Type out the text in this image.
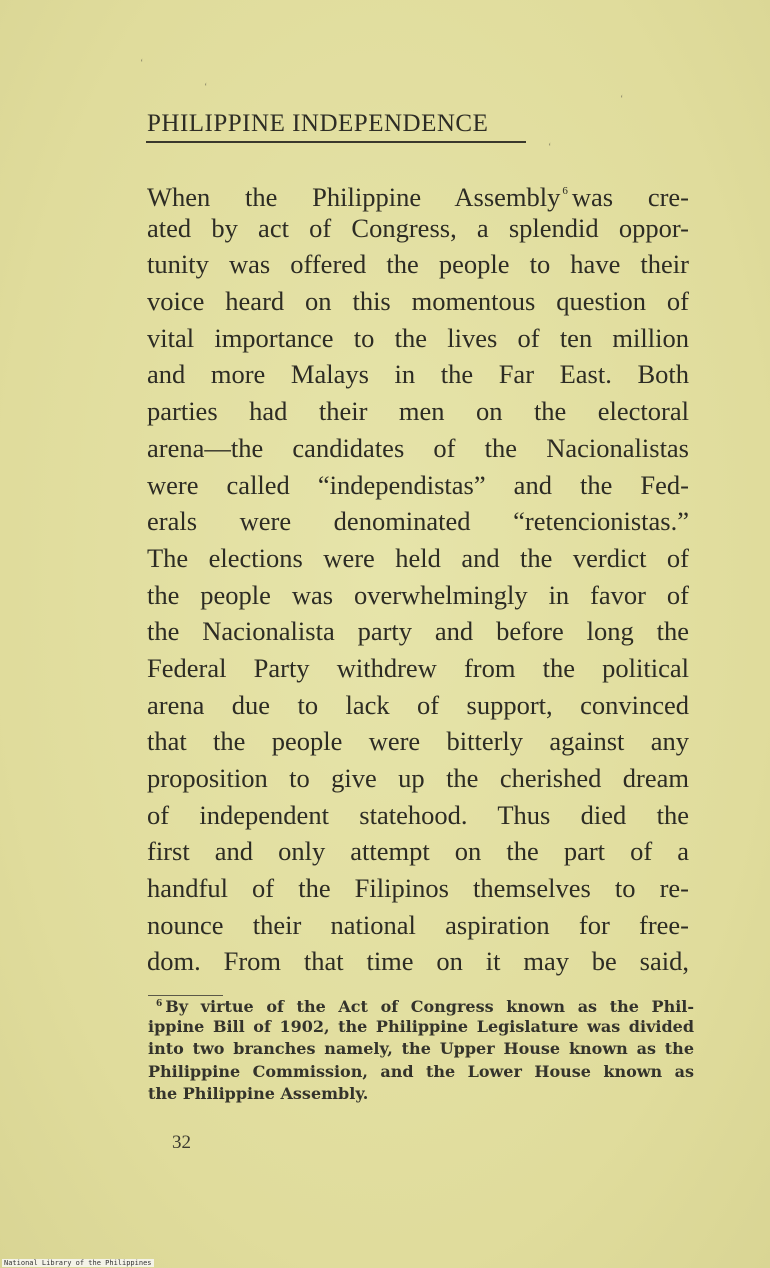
‘
‘
‘
‘
PHILIPPINE INDEPENDENCE
When the Philippine Assembly $^6$ was cre-
ated by act of Congress, a splendid oppor-
tunity was offered the people to have their
voice heard on this momentous question of
vital importance to the lives of ten million
and more Malays in the Far East. Both
parties had their men on the electoral
arena—the candidates of the Nacionalistas
were called “independistas” and the Fed-
erals were denominated “retencionistas.”
The elections were held and the verdict of
the people was overwhelmingly in favor of
the Nacionalista party and before long the
Federal Party withdrew from the political
arena due to lack of support, convinced
that the people were bitterly against any
proposition to give up the cherished dream
of independent statehood. Thus died the
first and only attempt on the part of a
handful of the Filipinos themselves to re-
nounce their national aspiration for free-
dom. From that time on it may be said,
$^6$ By virtue of the Act of Congress known as the Phil-
ippine Bill of 1902, the Philippine Legislature was divided
into two branches namely, the Upper House known as the
Philippine Commission, and the Lower House known as
the Philippine Assembly.
32
National Library of the Philippines
